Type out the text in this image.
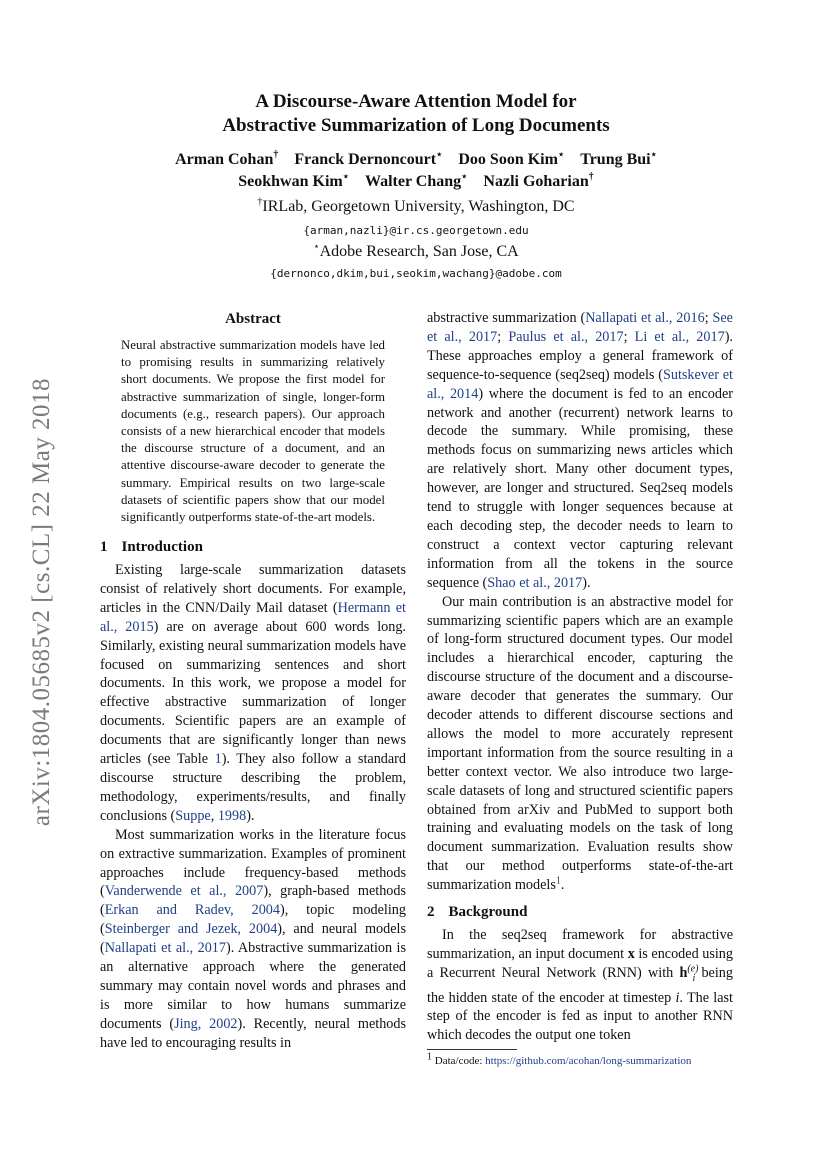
arXiv:1804.05685v2 [cs.CL] 22 May 2018
A Discourse-Aware Attention Model for
Abstractive Summarization of Long Documents
Arman Cohan† Franck Dernoncourt⋆ Doo Soon Kim⋆ Trung Bui⋆
Seokhwan Kim⋆ Walter Chang⋆ Nazli Goharian†
†IRLab, Georgetown University, Washington, DC
{arman,nazli}@ir.cs.georgetown.edu
⋆Adobe Research, San Jose, CA
{dernonco,dkim,bui,seokim,wachang}@adobe.com
Abstract
Neural abstractive summarization models have led to promising results in summarizing relatively short documents. We propose the first model for abstractive summarization of single, longer-form documents (e.g., research papers). Our approach consists of a new hierarchical encoder that models the discourse structure of a document, and an attentive discourse-aware decoder to generate the summary. Empirical results on two large-scale datasets of scientific papers show that our model significantly outperforms state-of-the-art models.
1 Introduction

Existing large-scale summarization datasets consist of relatively short documents. For example, articles in the CNN/Daily Mail dataset (Hermann et al., 2015) are on average about 600 words long. Similarly, existing neural summarization models have focused on summarizing sentences and short documents. In this work, we propose a model for effective abstractive summarization of longer documents. Scientific papers are an example of documents that are significantly longer than news articles (see Table 1). They also follow a standard discourse structure describing the problem, methodology, experiments/results, and finally conclusions (Suppe, 1998).

Most summarization works in the literature focus on extractive summarization. Examples of prominent approaches include frequency-based methods (Vanderwende et al., 2007), graph-based methods (Erkan and Radev, 2004), topic modeling (Steinberger and Jezek, 2004), and neural models (Nallapati et al., 2017). Abstractive summarization is an alternative approach where the generated summary may contain novel words and phrases and is more similar to how humans summarize documents (Jing, 2002). Recently, neural methods have led to encouraging results in

abstractive summarization (Nallapati et al., 2016; See et al., 2017; Paulus et al., 2017; Li et al., 2017). These approaches employ a general framework of sequence-to-sequence (seq2seq) models (Sutskever et al., 2014) where the document is fed to an encoder network and another (recurrent) network learns to decode the summary. While promising, these methods focus on summarizing news articles which are relatively short. Many other document types, however, are longer and structured. Seq2seq models tend to struggle with longer sequences because at each decoding step, the decoder needs to learn to construct a context vector capturing relevant information from all the tokens in the source sequence (Shao et al., 2017).

Our main contribution is an abstractive model for summarizing scientific papers which are an example of long-form structured document types. Our model includes a hierarchical encoder, capturing the discourse structure of the document and a discourse-aware decoder that generates the summary. Our decoder attends to different discourse sections and allows the model to more accurately represent important information from the source resulting in a better context vector. We also introduce two large-scale datasets of long and structured scientific papers obtained from arXiv and PubMed to support both training and evaluating models on the task of long document summarization. Evaluation results show that our method outperforms state-of-the-art summarization models$^1$.

2 Background

In the seq2seq framework for abstractive summarization, an input document x is encoded using a Recurrent Neural Network (RNN) with $h^{(e)}_i$ being the hidden state of the encoder at timestep i. The last step of the encoder is fed as input to another RNN which decodes the output one token

$^1$ Data/code: https://github.com/acohan/long-summarization
